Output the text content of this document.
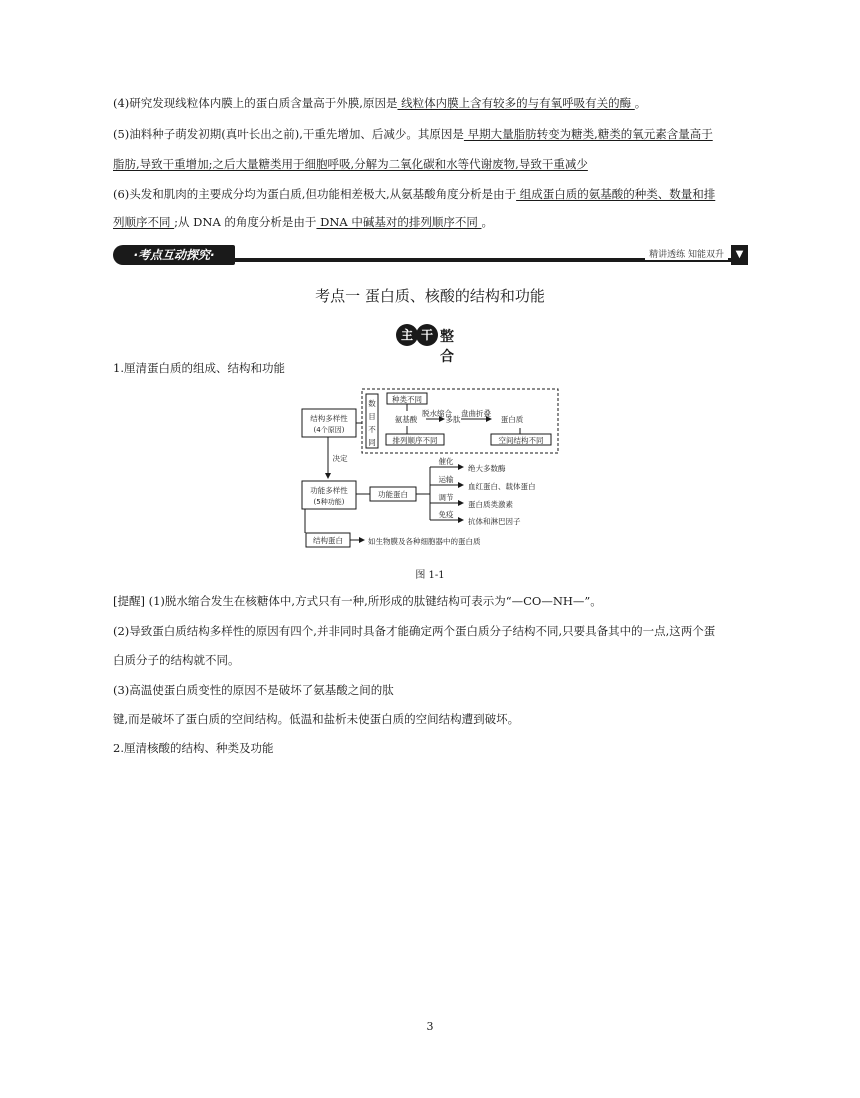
(4)研究发现线粒体内膜上的蛋白质含量高于外膜,原因是 线粒体内膜上含有较多的与有氧呼吸有关的酶 。
(5)油料种子萌发初期(真叶长出之前),干重先增加、后减少。其原因是 早期大量脂肪转变为糖类,糖类的氧元素含量高于
脂肪,导致干重增加;之后大量糖类用于细胞呼吸,分解为二氧化碳和水等代谢废物,导致干重减少
(6)头发和肌肉的主要成分均为蛋白质,但功能相差极大,从氨基酸角度分析是由于 组成蛋白质的氨基酸的种类、数量和排
列顺序不同 ;从 DNA 的角度分析是由于 DNA 中碱基对的排列顺序不同 。
·考点互动探究·	精讲透练 知能双升	▼
考点一 蛋白质、核酸的结构和功能
主 干 整合
1.厘清蛋白质的组成、结构和功能
结构多样性
(4个原因)
数
目
不
同
种类不同
氨基酸
脱水缩合
多肽
盘曲折叠
蛋白质
排列顺序不同	空间结构不同
决定
功能多样性
(5种功能)
功能蛋白
催化
绝大多数酶
运输
血红蛋白、载体蛋白
调节
蛋白质类激素
免疫
抗体和淋巴因子
结构蛋白	如生物膜及各种细胞器中的蛋白质
图 1-1
[提醒] (1)脱水缩合发生在核糖体中,方式只有一种,所形成的肽键结构可表示为“—CO—NH—”。
(2)导致蛋白质结构多样性的原因有四个,并非同时具备才能确定两个蛋白质分子结构不同,只要具备其中的一点,这两个蛋
白质分子的结构就不同。
(3)高温使蛋白质变性的原因不是破坏了氨基酸之间的肽
键,而是破坏了蛋白质的空间结构。低温和盐析未使蛋白质的空间结构遭到破坏。
2.厘清核酸的结构、种类及功能
3
